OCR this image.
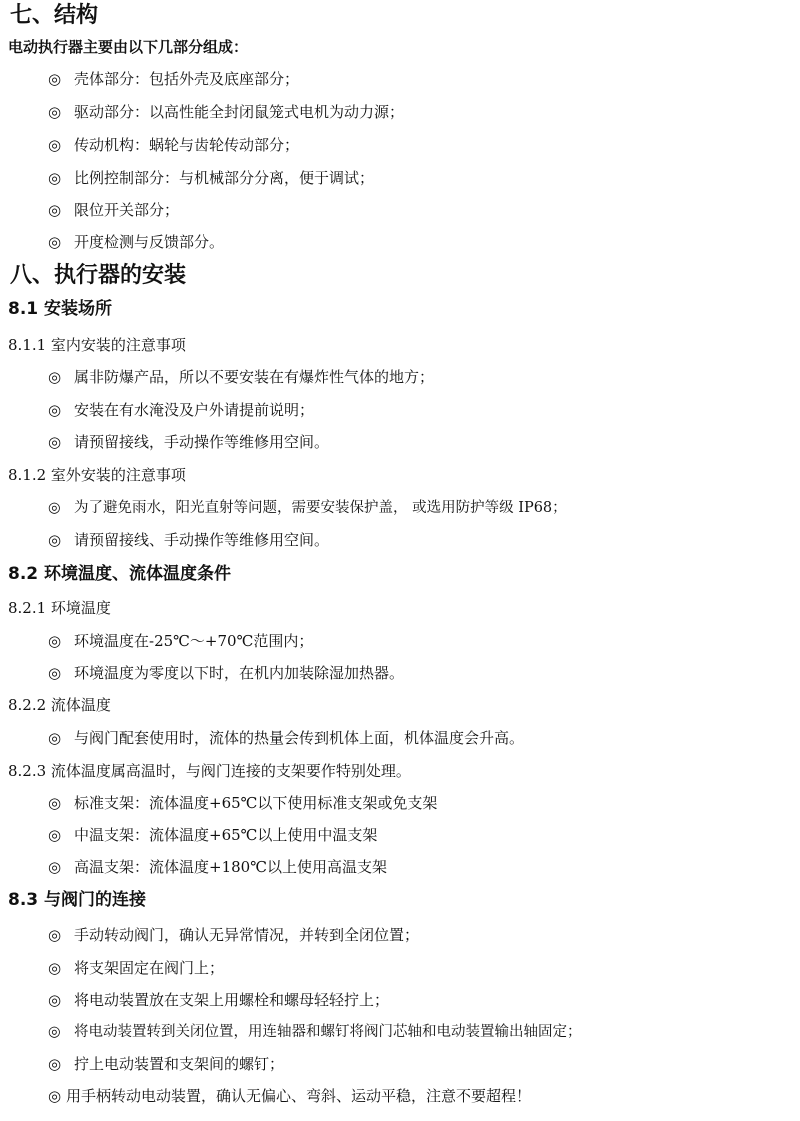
七、结构
电动执行器主要由以下几部分组成：
◎ 壳体部分：包括外壳及底座部分；
◎ 驱动部分：以高性能全封闭鼠笼式电机为动力源；
◎ 传动机构：蜗轮与齿轮传动部分；
◎ 比例控制部分：与机械部分分离，便于调试；
◎ 限位开关部分；
◎ 开度检测与反馈部分。
八、执行器的安装
8.1 安装场所
8.1.1 室内安装的注意事项
◎ 属非防爆产品，所以不要安装在有爆炸性气体的地方；
◎ 安装在有水淹没及户外请提前说明；
◎ 请预留接线，手动操作等维修用空间。
8.1.2 室外安装的注意事项
◎ 为了避免雨水，阳光直射等问题，需要安装保护盖， 或选用防护等级 IP68；
◎ 请预留接线、手动操作等维修用空间。
8.2 环境温度、流体温度条件
8.2.1 环境温度
◎ 环境温度在-25℃～+70℃范围内；
◎ 环境温度为零度以下时，在机内加装除湿加热器。
8.2.2 流体温度
◎ 与阀门配套使用时，流体的热量会传到机体上面，机体温度会升高。
8.2.3 流体温度属高温时，与阀门连接的支架要作特别处理。
◎ 标准支架：流体温度+65℃以下使用标准支架或免支架
◎ 中温支架：流体温度+65℃以上使用中温支架
◎ 高温支架：流体温度+180℃以上使用高温支架
8.3 与阀门的连接
◎ 手动转动阀门，确认无异常情况，并转到全闭位置；
◎ 将支架固定在阀门上；
◎ 将电动装置放在支架上用螺栓和螺母轻轻拧上；
◎ 将电动装置转到关闭位置，用连轴器和螺钉将阀门芯轴和电动装置输出轴固定；
◎ 拧上电动装置和支架间的螺钉；
◎ 用手柄转动电动装置，确认无偏心、弯斜、运动平稳，注意不要超程！
